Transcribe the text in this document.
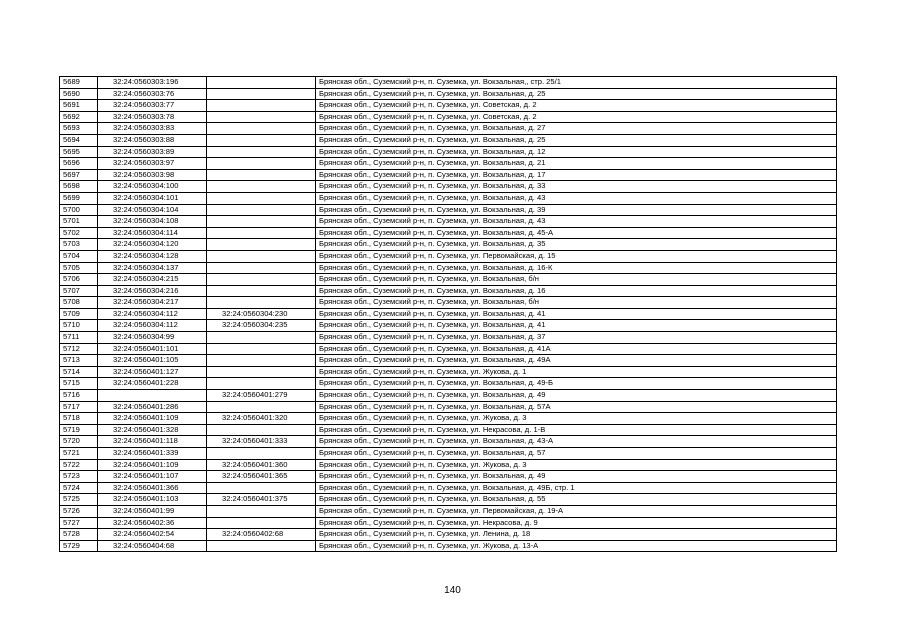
5689	32:24:0560303:196		Брянская обл., Суземский р-н, п. Суземка, ул. Вокзальная,, стр. 25/1
5690	32:24:0560303:76		Брянская обл., Суземский р-н, п. Суземка, ул. Вокзальная, д. 25
5691	32:24:0560303:77		Брянская обл., Суземский р-н, п. Суземка, ул. Советская, д. 2
5692	32:24:0560303:78		Брянская обл., Суземский р-н, п. Суземка, ул. Советская, д. 2
5693	32:24:0560303:83		Брянская обл., Суземский р-н, п. Суземка, ул. Вокзальная, д. 27
5694	32:24:0560303:88		Брянская обл., Суземский р-н, п. Суземка, ул. Вокзальная, д. 25
5695	32:24:0560303:89		Брянская обл., Суземский р-н, п. Суземка, ул. Вокзальная, д. 12
5696	32:24:0560303:97		Брянская обл., Суземский р-н, п. Суземка, ул. Вокзальная, д. 21
5697	32:24:0560303:98		Брянская обл., Суземский р-н, п. Суземка, ул. Вокзальная, д. 17
5698	32:24:0560304:100		Брянская обл., Суземский р-н, п. Суземка, ул. Вокзальная, д. 33
5699	32:24:0560304:101		Брянская обл., Суземский р-н, п. Суземка, ул. Вокзальная, д. 43
5700	32:24:0560304:104		Брянская обл., Суземский р-н, п. Суземка, ул. Вокзальная, д. 39
5701	32:24:0560304:108		Брянская обл., Суземский р-н, п. Суземка, ул. Вокзальная, д. 43
5702	32:24:0560304:114		Брянская обл., Суземский р-н, п. Суземка, ул. Вокзальная, д. 45-А
5703	32:24:0560304:120		Брянская обл., Суземский р-н, п. Суземка, ул. Вокзальная, д. 35
5704	32:24:0560304:128		Брянская обл., Суземский р-н, п. Суземка, ул. Первомайская, д. 15
5705	32:24:0560304:137		Брянская обл., Суземский р-н, п. Суземка, ул. Вокзальная, д. 16-К
5706	32:24:0560304:215		Брянская обл., Суземский р-н, п. Суземка, ул. Вокзальная, б/н
5707	32:24:0560304:216		Брянская обл., Суземский р-н, п. Суземка, ул. Вокзальная, д. 16
5708	32:24:0560304:217		Брянская обл., Суземский р-н, п. Суземка, ул. Вокзальная, б/н
5709	32:24:0560304:112	32:24:0560304:230	Брянская обл., Суземский р-н, п. Суземка, ул. Вокзальная, д. 41
5710	32:24:0560304:112	32:24:0560304:235	Брянская обл., Суземский р-н, п. Суземка, ул. Вокзальная, д. 41
5711	32:24:0560304:99		Брянская обл., Суземский р-н, п. Суземка, ул. Вокзальная, д. 37
5712	32:24:0560401:101		Брянская обл., Суземский р-н, п. Суземка, ул. Вокзальная, д. 41А
5713	32:24:0560401:105		Брянская обл., Суземский р-н, п. Суземка, ул. Вокзальная, д. 49А
5714	32:24:0560401:127		Брянская обл., Суземский р-н, п. Суземка, ул. Жукова, д. 1
5715	32:24:0560401:228		Брянская обл., Суземский р-н, п. Суземка, ул. Вокзальная, д. 49-Б
5716		32:24:0560401:279	Брянская обл., Суземский р-н, п. Суземка, ул. Вокзальная, д. 49
5717	32:24:0560401:286		Брянская обл., Суземский р-н, п. Суземка, ул. Вокзальная, д. 57А
5718	32:24:0560401:109	32:24:0560401:320	Брянская обл., Суземский р-н, п. Суземка, ул. Жукова, д. 3
5719	32:24:0560401:328		Брянская обл., Суземский р-н, п. Суземка, ул. Некрасова, д. 1-В
5720	32:24:0560401:118	32:24:0560401:333	Брянская обл., Суземский р-н, п. Суземка, ул. Вокзальная, д. 43-А
5721	32:24:0560401:339		Брянская обл., Суземский р-н, п. Суземка, ул. Вокзальная, д. 57
5722	32:24:0560401:109	32:24:0560401:360	Брянская обл., Суземский р-н, п. Суземка, ул. Жукова, д. 3
5723	32:24:0560401:107	32:24:0560401:365	Брянская обл., Суземский р-н, п. Суземка, ул. Вокзальная, д. 49
5724	32:24:0560401:366		Брянская обл., Суземский р-н, п. Суземка, ул. Вокзальная, д. 49Б, стр. 1
5725	32:24:0560401:103	32:24:0560401:375	Брянская обл., Суземский р-н, п. Суземка, ул. Вокзальная, д. 55
5726	32:24:0560401:99		Брянская обл., Суземский р-н, п. Суземка, ул. Первомайская, д. 19-А
5727	32:24:0560402:36		Брянская обл., Суземский р-н, п. Суземка, ул. Некрасова, д. 9
5728	32:24:0560402:54	32:24:0560402:68	Брянская обл., Суземский р-н, п. Суземка, ул. Ленина, д. 18
5729	32:24:0560404:68		Брянская обл., Суземский р-н, п. Суземка, ул. Жукова, д. 13-А
140
